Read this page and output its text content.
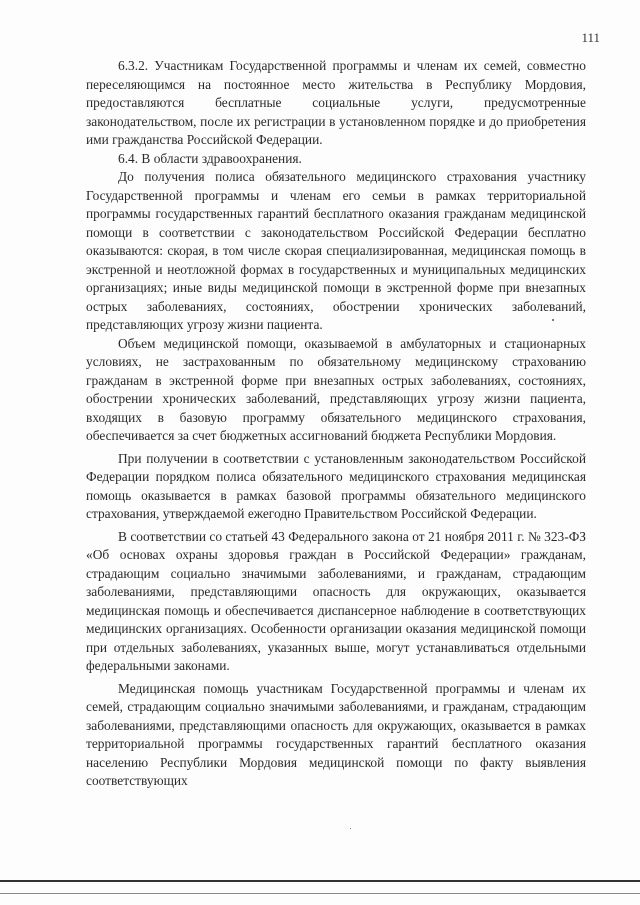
111

6.3.2. Участникам Государственной программы и членам их семей, совместно переселяющимся на постоянное место жительства в Республику Мордовия, предоставляются бесплатные социальные услуги, предусмотренные законодательством, после их регистрации в установленном порядке и до приобретения ими гражданства Российской Федерации.

6.4. В области здравоохранения.

До получения полиса обязательного медицинского страхования участнику Государственной программы и членам его семьи в рамках территориальной программы государственных гарантий бесплатного оказания гражданам медицинской помощи в соответствии с законодательством Российской Федерации бесплатно оказываются: скорая, в том числе скорая специализированная, медицинская помощь в экстренной и неотложной формах в государственных и муниципальных медицинских организациях; иные виды медицинской помощи в экстренной форме при внезапных острых заболеваниях, состояниях, обострении хронических заболеваний, представляющих угрозу жизни пациента.

Объем медицинской помощи, оказываемой в амбулаторных и стационарных условиях, не застрахованным по обязательному медицинскому страхованию гражданам в экстренной форме при внезапных острых заболеваниях, состояниях, обострении хронических заболеваний, представляющих угрозу жизни пациента, входящих в базовую программу обязательного медицинского страхования, обеспечивается за счет бюджетных ассигнований бюджета Республики Мордовия.

При получении в соответствии с установленным законодательством Российской Федерации порядком полиса обязательного медицинского страхования медицинская помощь оказывается в рамках базовой программы обязательного медицинского страхования, утверждаемой ежегодно Правительством Российской Федерации.

В соответствии со статьей 43 Федерального закона от 21 ноября 2011 г. № 323-ФЗ «Об основах охраны здоровья граждан в Российской Федерации» гражданам, страдающим социально значимыми заболеваниями, и гражданам, страдающим заболеваниями, представляющими опасность для окружающих, оказывается медицинская помощь и обеспечивается диспансерное наблюдение в соответствующих медицинских организациях. Особенности организации оказания медицинской помощи при отдельных заболеваниях, указанных выше, могут устанавливаться отдельными федеральными законами.

Медицинская помощь участникам Государственной программы и членам их семей, страдающим социально значимыми заболеваниями, и гражданам, страдающим заболеваниями, представляющими опасность для окружающих, оказывается в рамках территориальной программы государственных гарантий бесплатного оказания населению Республики Мордовия медицинской помощи по факту выявления соответствующих
